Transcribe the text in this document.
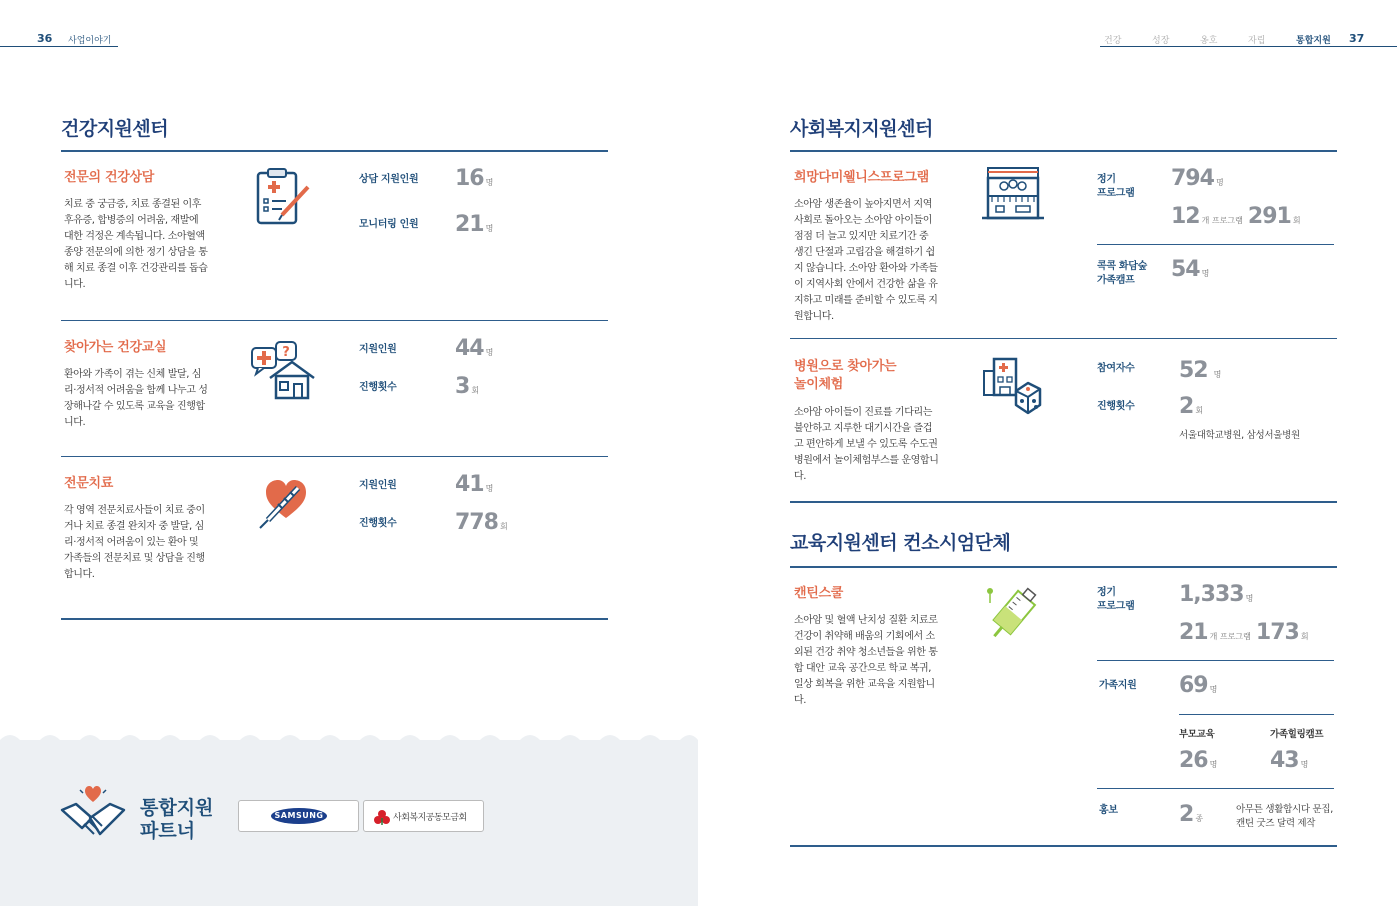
36 사업이야기	건강	성장	옹호	자립	통합지원	37
건강지원센터
전문의 건강상담
치료 중 궁금증, 치료 종결된 이후 후유증, 합병증의 어려움, 재발에 대한 걱정은 계속됩니다. 소아혈액종양 전문의에 의한 정기 상담을 통해 치료 종결 이후 건강관리를 돕습니다.
상담 지원인원 16 명
모니터링 인원 21 명
찾아가는 건강교실
환아와 가족이 겪는 신체 발달, 심리·정서적 어려움을 함께 나누고 성장해나갈 수 있도록 교육을 진행합니다.
?	지원인원	44 명
진행횟수	3 회
전문치료
각 영역 전문치료사들이 치료 중이거나 치료 종결 완치자 중 발달, 심리·정서적 어려움이 있는 환아 및 가족들의 전문치료 및 상담을 진행합니다.
지원인원	41 명
진행횟수	778 회
통합지원
파트너
SAMSUNG	사회복지공동모금회
사회복지지원센터
희망다미웰니스프로그램
소아암 생존율이 높아지면서 지역사회로 돌아오는 소아암 아이들이 점점 더 늘고 있지만 치료기간 중 생긴 단절과 고립감을 해결하기 쉽지 않습니다. 소아암 환아와 가족들이 지역사회 안에서 건강한 삶을 유지하고 미래를 준비할 수 있도록 지원합니다.
정기
프로그램
794 명
12 개 프로그램 291 회
콕콕 화담숲
가족캠프	54 명
병원으로 찾아가는
놀이체험
소아암 아이들이 진료를 기다리는 불안하고 지루한 대기시간을 즐겁고 편안하게 보낼 수 있도록 수도권 병원에서 놀이체험부스를 운영합니다.
참여자수 52 명
진행횟수 2 회
서울대학교병원, 삼성서울병원
교육지원센터 컨소시엄단체
캔틴스쿨
소아암 및 혈액 난치성 질환 치료로 건강이 취약해 배움의 기회에서 소외된 건강 취약 청소년들을 위한 통합 대안 교육 공간으로 학교 복귀, 일상 회복을 위한 교육을 지원합니다.
정기
프로그램 1,333 명
21 개 프로그램 173 회
가족지원 69 명
부모교육	가족힐링캠프
26 명 43 명
홍보	2 종
아무튼 생활합시다 문집,
캔틴 굿즈 달력 제작
